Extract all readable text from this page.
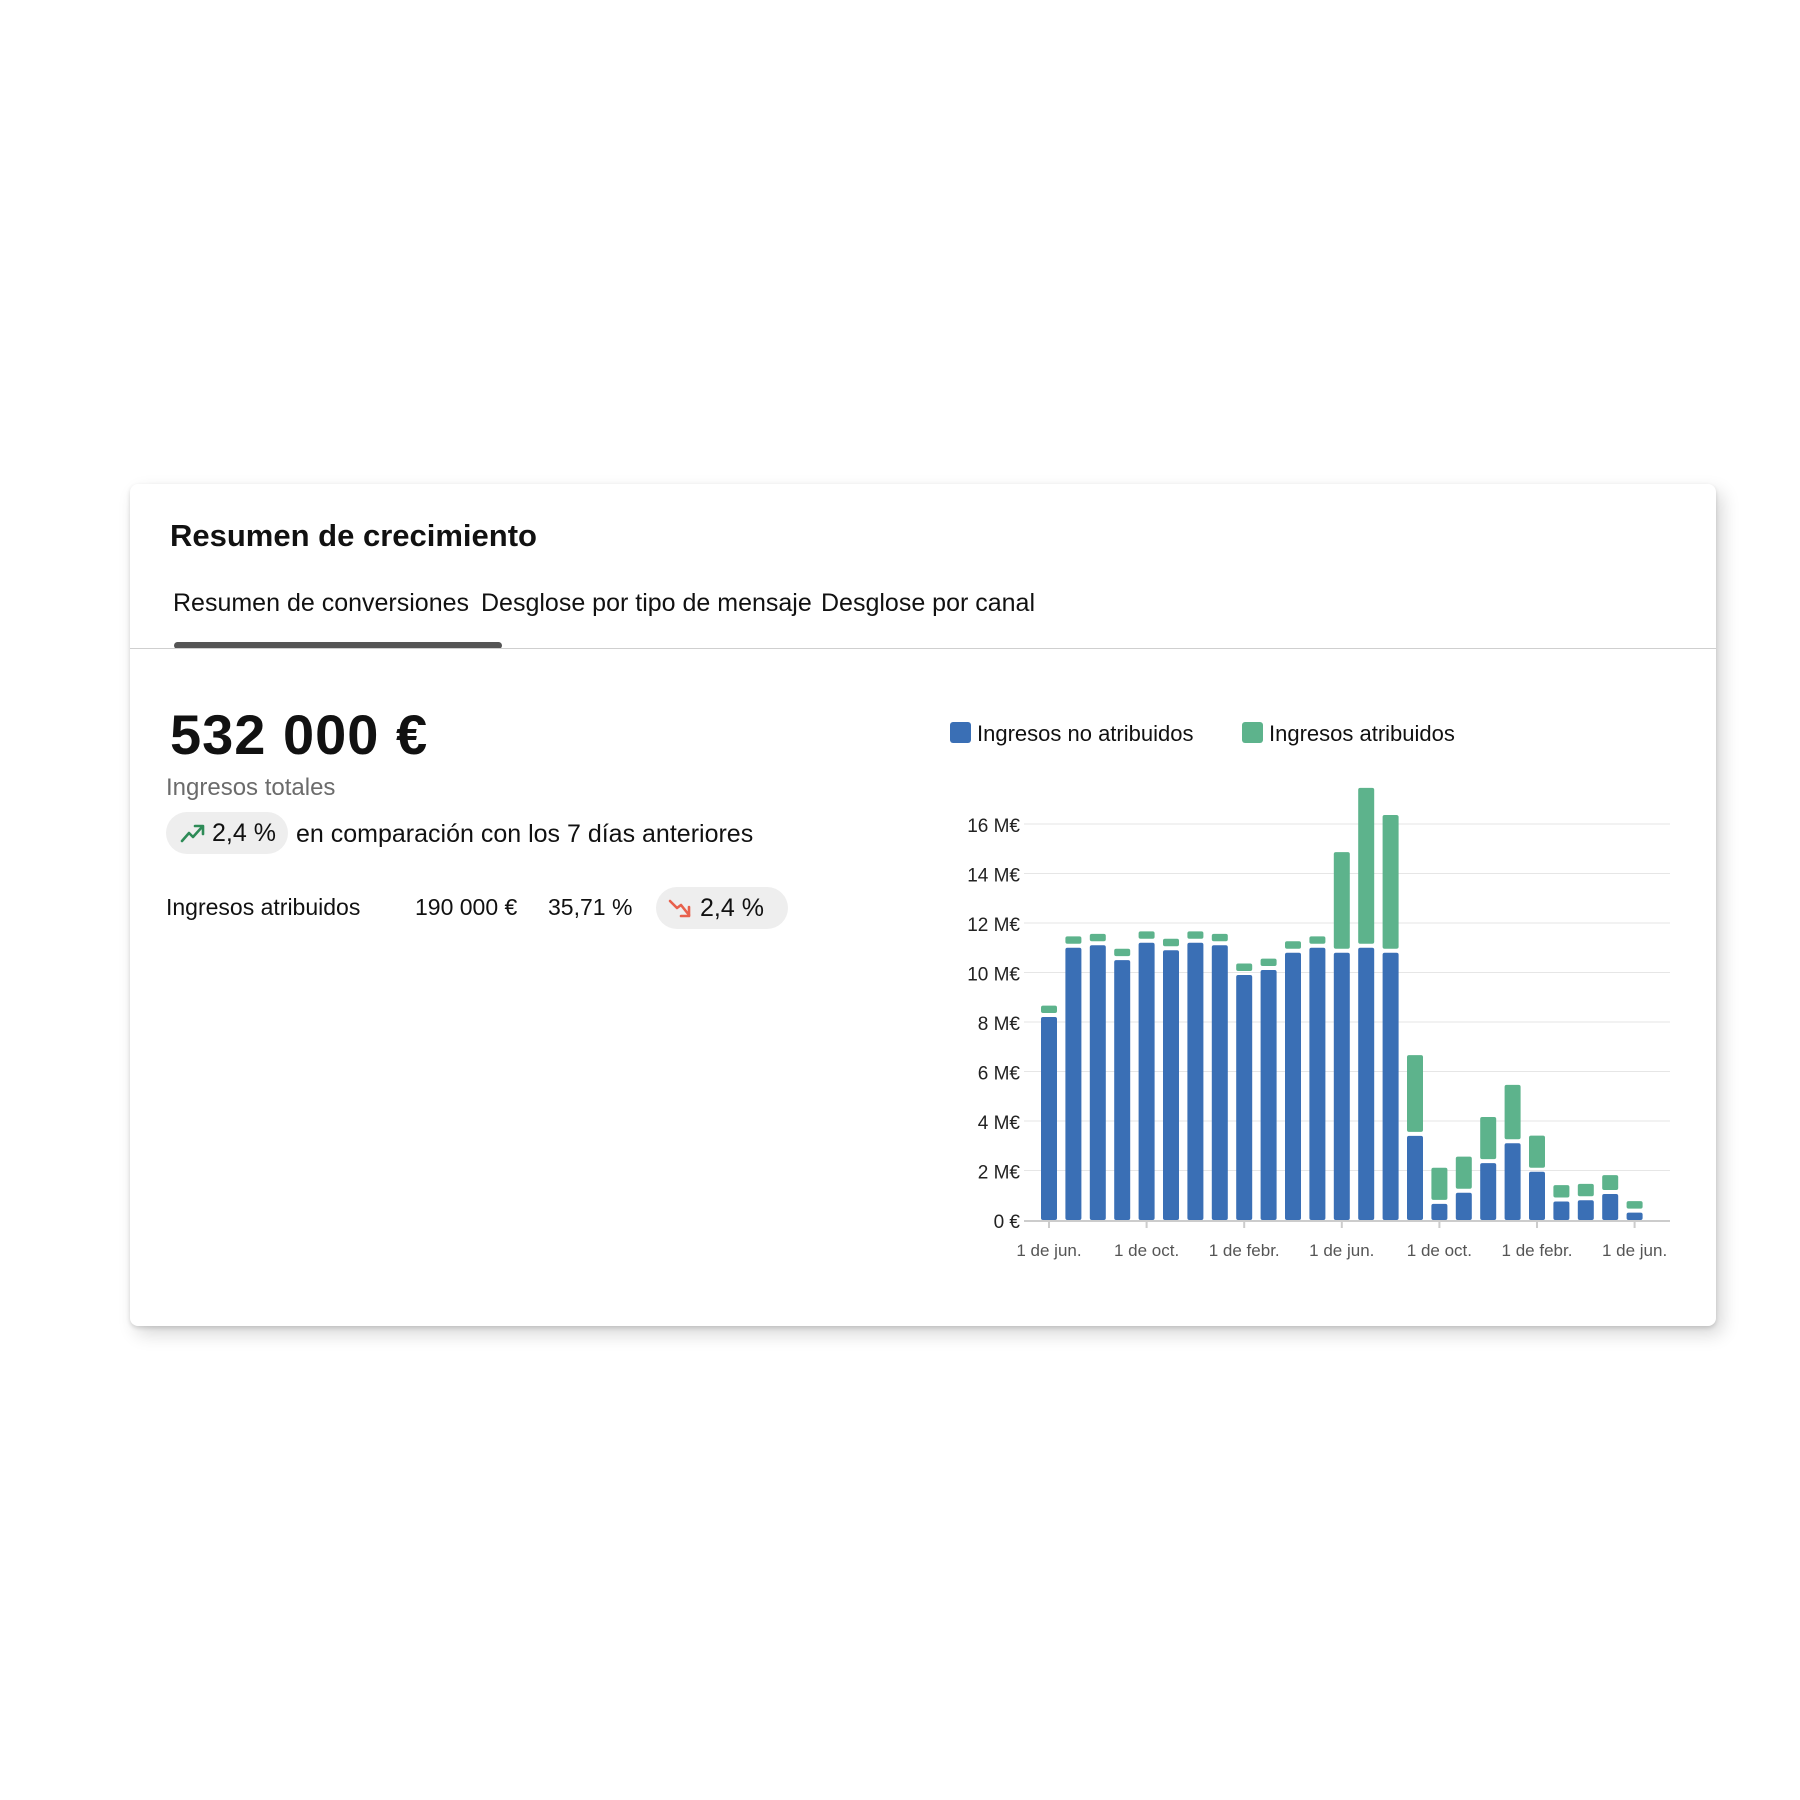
Resumen de crecimiento
Resumen de conversiones Desglose por tipo de mensaje Desglose por canal
532 000 €
Ingresos totales
2,4 % en comparación con los 7 días anteriores
Ingresos atribuidos 190 000 € 35,71 %	2,4 %
Ingresos no atribuidos	Ingresos atribuidos
0 €
2 M€
4 M€
6 M€
8 M€
10 M€
12 M€
14 M€
16 M€
1 de jun. 1 de oct. 1 de febr. 1 de jun. 1 de oct. 1 de febr. 1 de jun.
